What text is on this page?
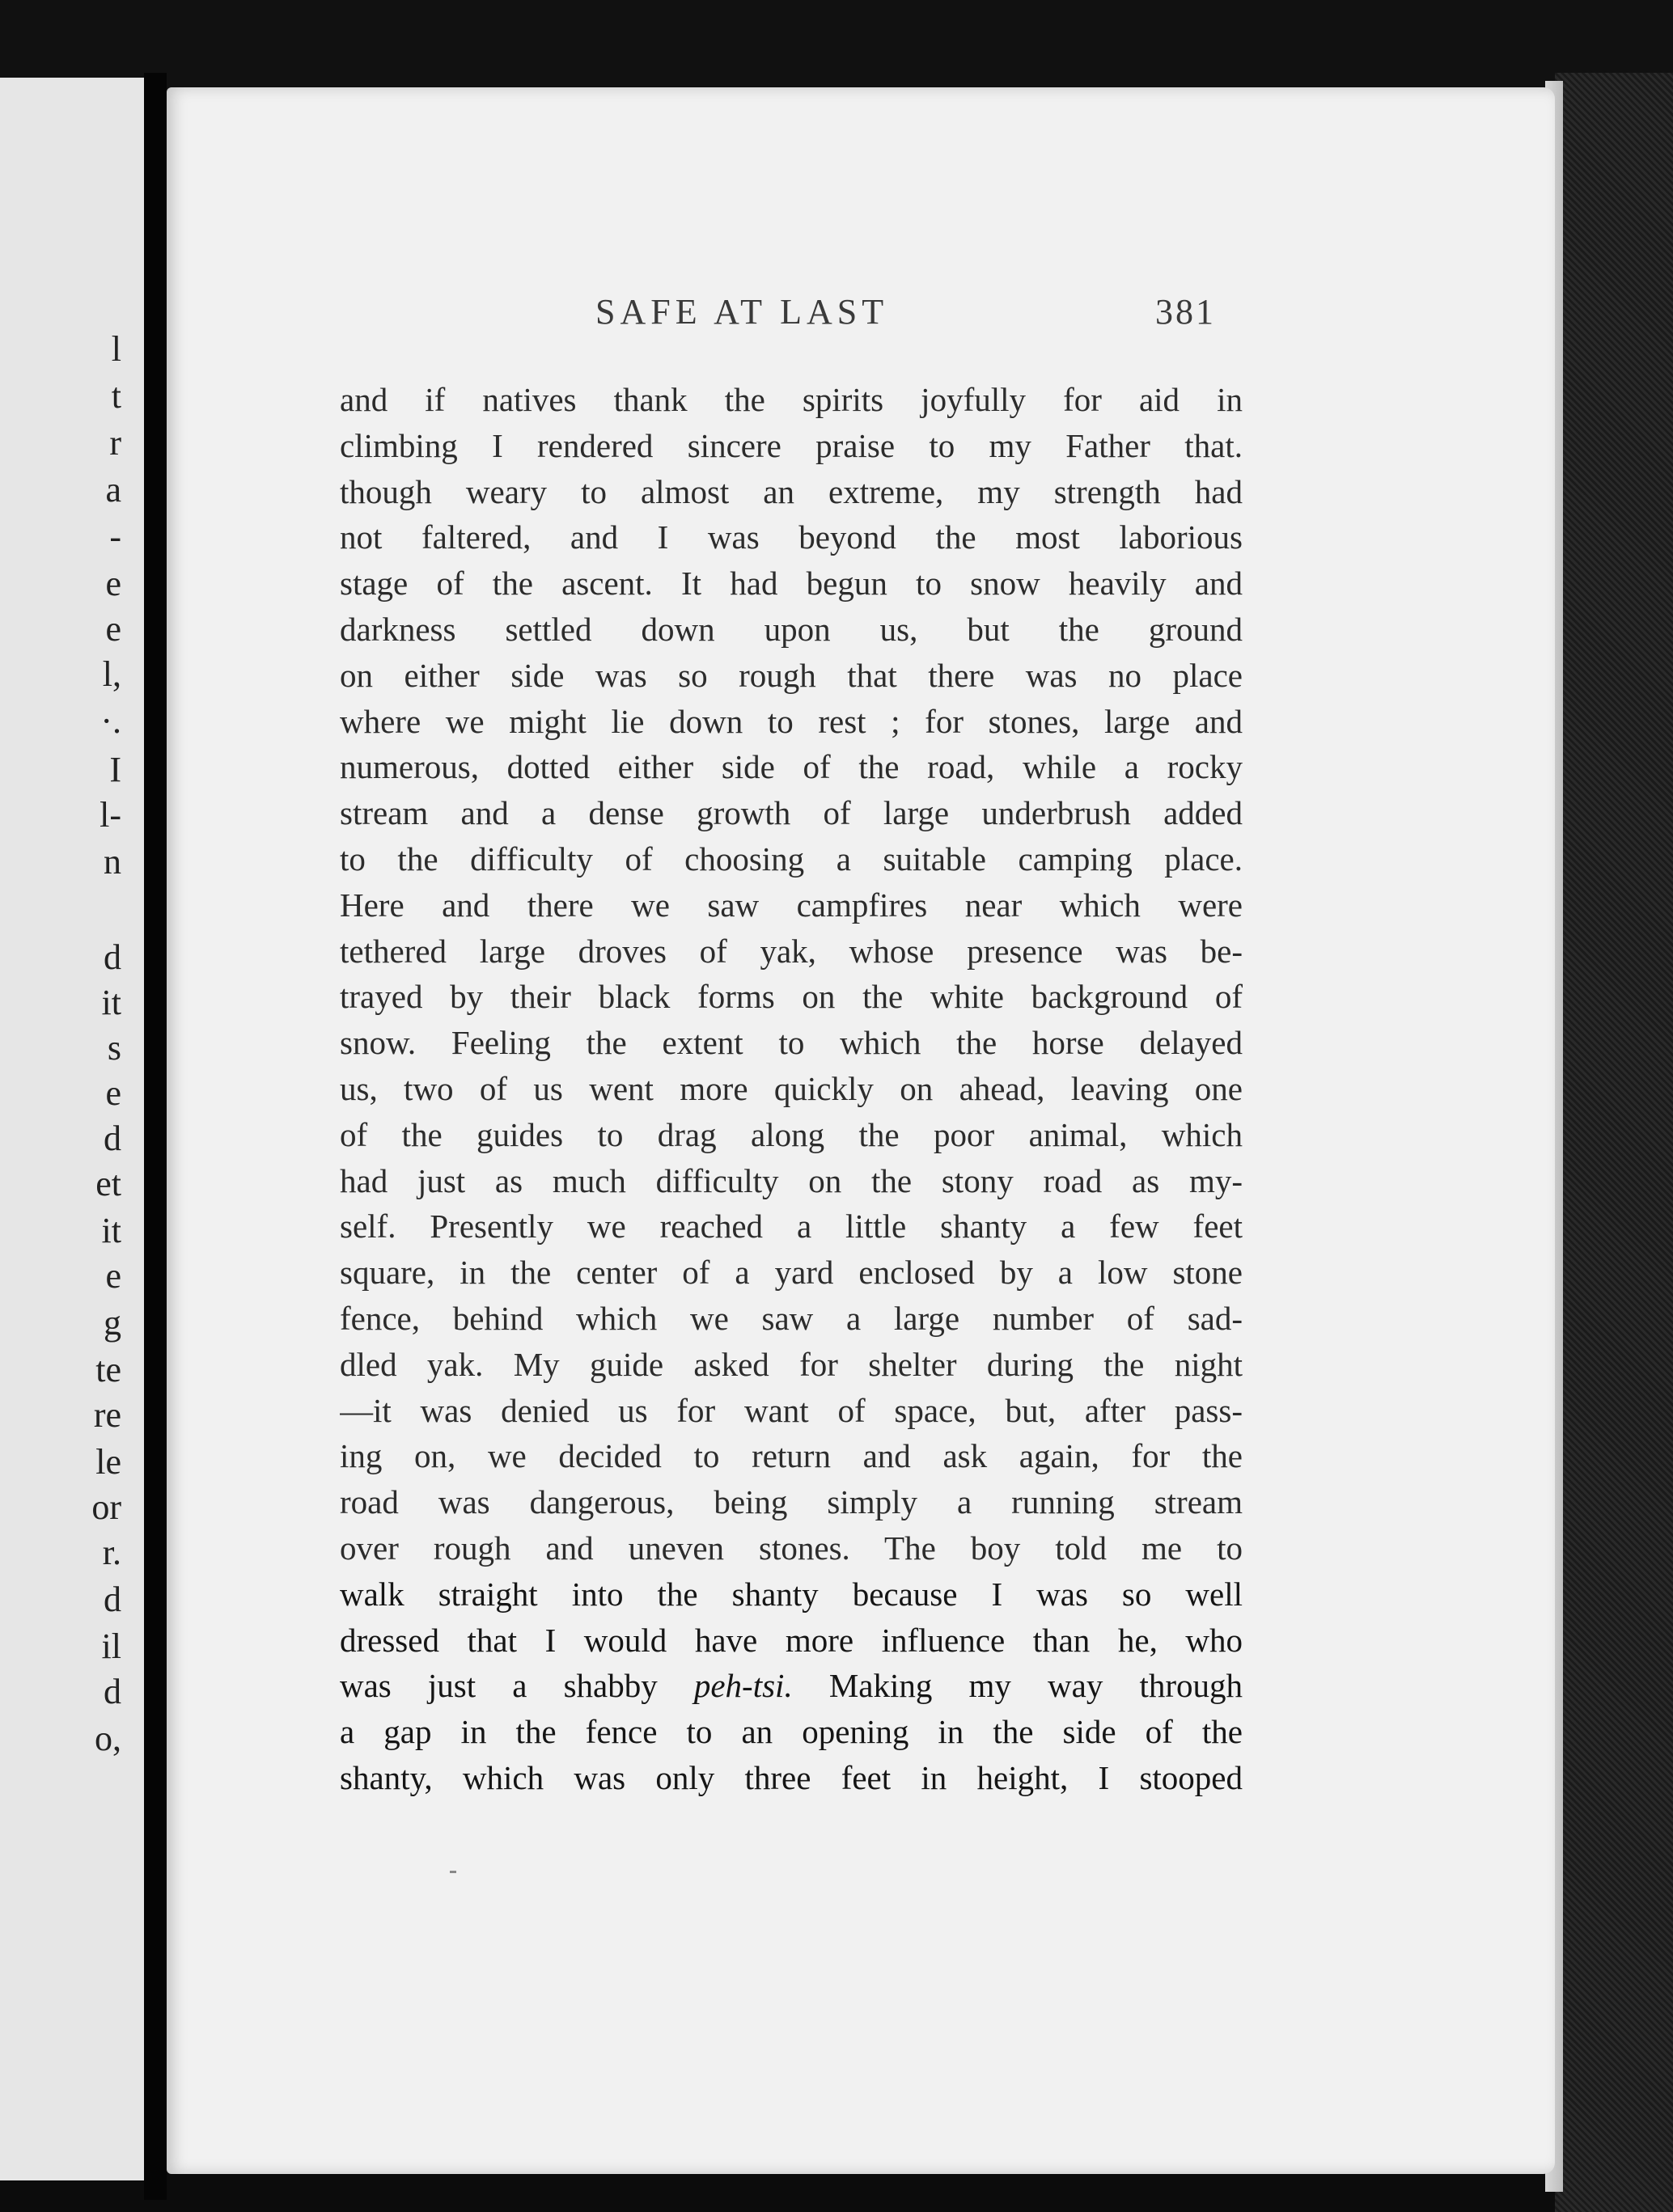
l
t
r
a
-
e
e
l,
·.
I
l-
n
d
it
s
e
d
et
it
e
g
te
re
le
or
r.
d
il
d
o,
SAFE AT LAST	381
and if natives thank the spirits joyfully for aid in
climbing I rendered sincere praise to my Father that.
though weary to almost an extreme, my strength had
not faltered, and I was beyond the most laborious
stage of the ascent. It had begun to snow heavily and
darkness settled down upon us, but the ground
on either side was so rough that there was no place
where we might lie down to rest ; for stones, large and
numerous, dotted either side of the road, while a rocky
stream and a dense growth of large underbrush added
to the difficulty of choosing a suitable camping place.
Here and there we saw campfires near which were
tethered large droves of yak, whose presence was be-
trayed by their black forms on the white background of
snow. Feeling the extent to which the horse delayed
us, two of us went more quickly on ahead, leaving one
of the guides to drag along the poor animal, which
had just as much difficulty on the stony road as my-
self. Presently we reached a little shanty a few feet
square, in the center of a yard enclosed by a low stone
fence, behind which we saw a large number of sad-
dled yak. My guide asked for shelter during the night
—it was denied us for want of space, but, after pass-
ing on, we decided to return and ask again, for the
road was dangerous, being simply a running stream
over rough and uneven stones. The boy told me to
walk straight into the shanty because I was so well
dressed that I would have more influence than he, who
was just a shabby peh-tsi. Making my way through
a gap in the fence to an opening in the side of the
shanty, which was only three feet in height, I stooped
